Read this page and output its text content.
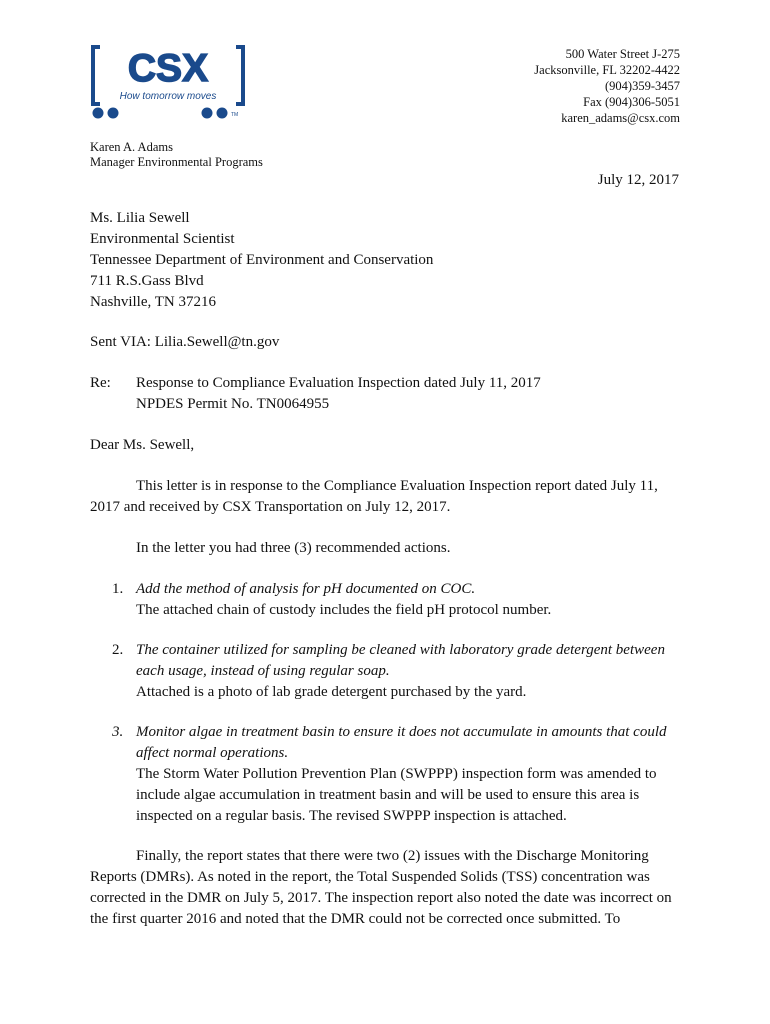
CSX
How tomorrow moves
TM
500 Water Street J-275
Jacksonville, FL 32202-4422
(904)359-3457
Fax (904)306-5051
karen_adams@csx.com
Karen A. Adams
Manager Environmental Programs
July 12, 2017
Ms. Lilia Sewell
Environmental Scientist
Tennessee Department of Environment and Conservation
711 R.S.Gass Blvd
Nashville, TN 37216
Sent VIA: Lilia.Sewell@tn.gov
Re: Response to Compliance Evaluation Inspection dated July 11, 2017
NPDES Permit No. TN0064955
Dear Ms. Sewell,
This letter is in response to the Compliance Evaluation Inspection report dated July 11, 2017 and received by CSX Transportation on July 12, 2017.
In the letter you had three (3) recommended actions.
1. Add the method of analysis for pH documented on COC.
The attached chain of custody includes the field pH protocol number.
2. The container utilized for sampling be cleaned with laboratory grade detergent between each usage, instead of using regular soap.
Attached is a photo of lab grade detergent purchased by the yard.
3. Monitor algae in treatment basin to ensure it does not accumulate in amounts that could affect normal operations.
The Storm Water Pollution Prevention Plan (SWPPP) inspection form was amended to include algae accumulation in treatment basin and will be used to ensure this area is inspected on a regular basis. The revised SWPPP inspection is attached.
Finally, the report states that there were two (2) issues with the Discharge Monitoring Reports (DMRs). As noted in the report, the Total Suspended Solids (TSS) concentration was corrected in the DMR on July 5, 2017. The inspection report also noted the date was incorrect on the first quarter 2016 and noted that the DMR could not be corrected once submitted. To
